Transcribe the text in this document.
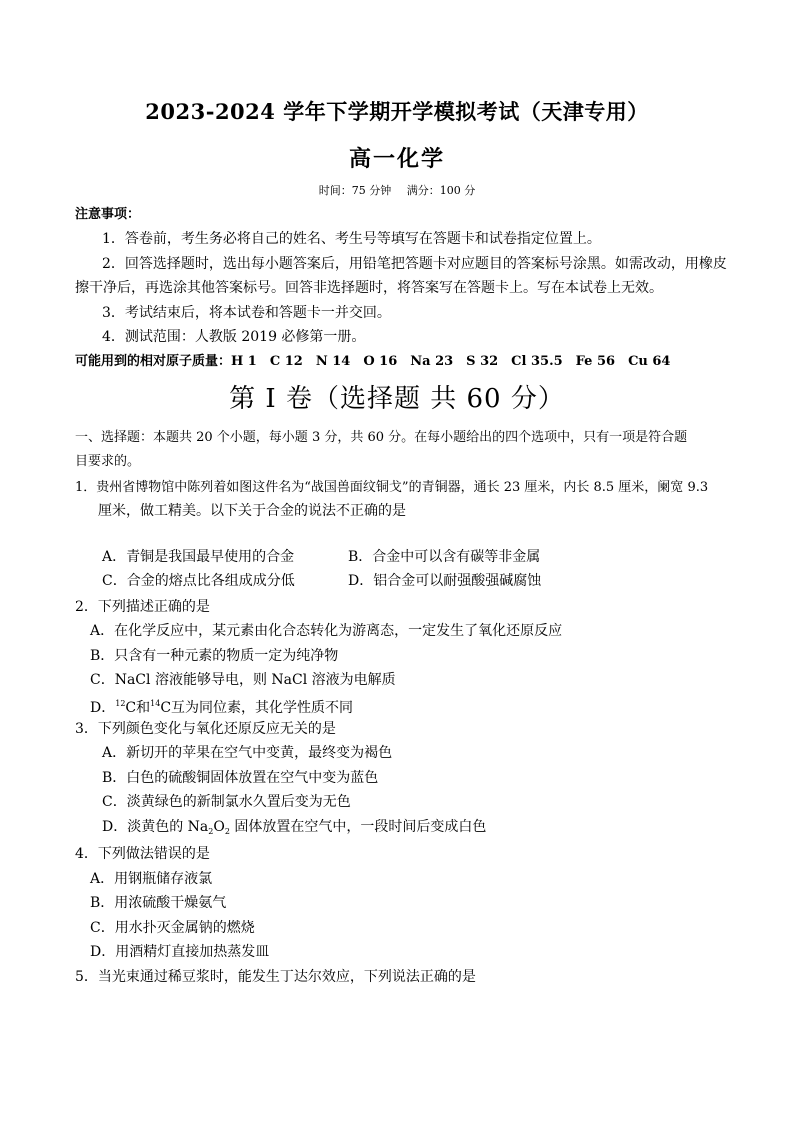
2023-2024 学年下学期开学模拟考试（天津专用）
高一化学
时间：75 分钟 满分：100 分
注意事项：
1．答卷前，考生务必将自己的姓名、考生号等填写在答题卡和试卷指定位置上。
2．回答选择题时，选出每小题答案后，用铅笔把答题卡对应题目的答案标号涂黑。如需改动，用橡皮
擦干净后，再选涂其他答案标号。回答非选择题时，将答案写在答题卡上。写在本试卷上无效。
3．考试结束后，将本试卷和答题卡一并交回。
4．测试范围：人教版 2019 必修第一册。
可能用到的相对原子质量：H 1　C 12　N 14　O 16　Na 23　S 32　Cl 35.5　Fe 56　Cu 64
第 I 卷（选择题 共 60 分）
一、选择题：本题共 20 个小题，每小题 3 分，共 60 分。在每小题给出的四个选项中，只有一项是符合题
目要求的。
1．贵州省博物馆中陈列着如图这件名为“战国兽面纹铜戈”的青铜器，通长 23 厘米，内长 8.5 厘米，阑宽 9.3
厘米，做工精美。以下关于合金的说法不正确的是
A．青铜是我国最早使用的合金	B．合金中可以含有碳等非金属
C．合金的熔点比各组成成分低	D．铝合金可以耐强酸强碱腐蚀
2．下列描述正确的是
A．在化学反应中，某元素由化合态转化为游离态，一定发生了氧化还原反应
B．只含有一种元素的物质一定为纯净物
C．NaCl 溶液能够导电，则 NaCl 溶液为电解质
D．$^{12}$C和$^{14}$C互为同位素，其化学性质不同
3．下列颜色变化与氧化还原反应无关的是
A．新切开的苹果在空气中变黄，最终变为褐色
B．白色的硫酸铜固体放置在空气中变为蓝色
C．淡黄绿色的新制氯水久置后变为无色
D．淡黄色的 $Na_2O_2$ 固体放置在空气中，一段时间后变成白色
4．下列做法错误的是
A．用钢瓶储存液氯
B．用浓硫酸干燥氨气
C．用水扑灭金属钠的燃烧
D．用酒精灯直接加热蒸发皿
5．当光束通过稀豆浆时，能发生丁达尔效应，下列说法正确的是
